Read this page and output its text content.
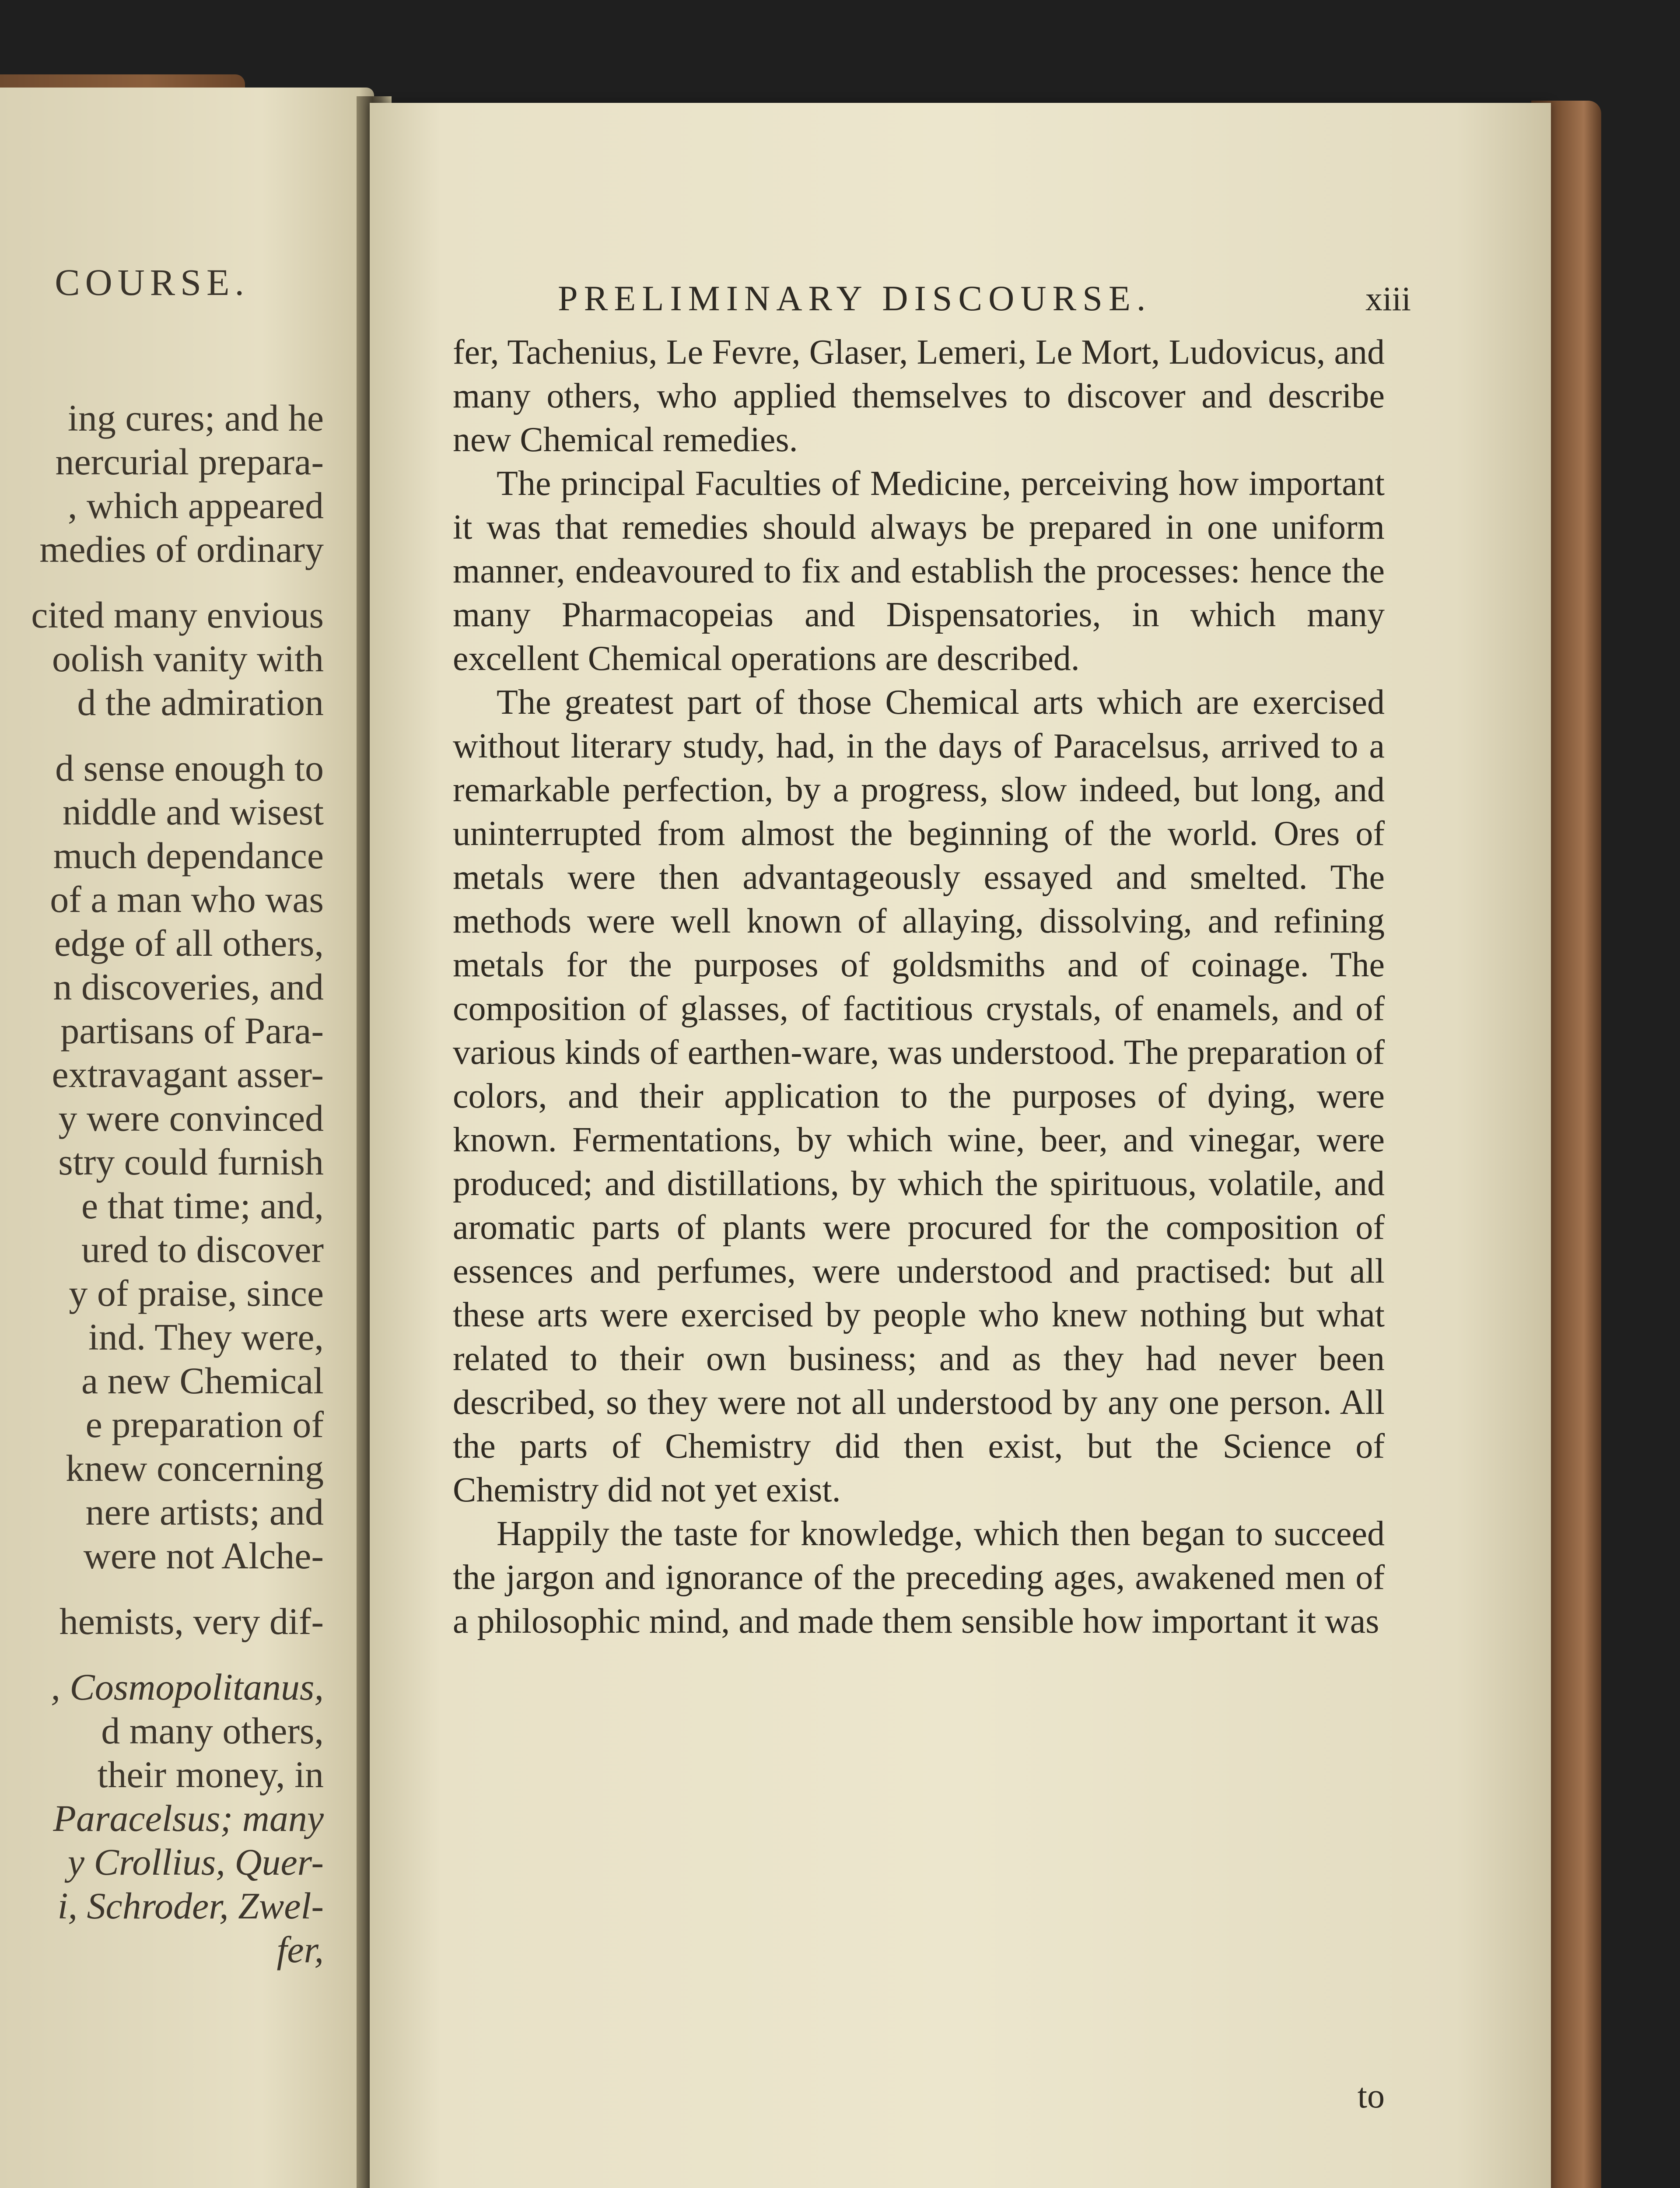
COURSE.
ing cures; and he
nercurial prepara-
, which appeared
medies of ordinary
cited many envious
oolish vanity with
d the admiration
d sense enough to
niddle and wisest
much dependance
of a man who was
edge of all others,
n discoveries, and
partisans of Para-
extravagant asser-
y were convinced
stry could furnish
e that time; and,
ured to discover
y of praise, since
ind. They were,
a new Chemical
e preparation of
knew concerning
nere artists; and
were not Alche-
hemists, very dif-
, Cosmopolitanus,
d many others,
their money, in
Paracelsus; many
y Crollius, Quer-
i, Schroder, Zwel-
fer,
PRELIMINARY DISCOURSE.	xiii

fer, Tachenius, Le Fevre, Glaser, Lemeri, Le Mort, Ludovicus, and many others, who applied themselves to discover and describe new Chemical remedies.

The principal Faculties of Medicine, perceiving how important it was that remedies should always be prepared in one uniform manner, endeavoured to fix and establish the processes: hence the many Pharmacopeias and Dispensatories, in which many excellent Chemical operations are described.

The greatest part of those Chemical arts which are exercised without literary study, had, in the days of Paracelsus, arrived to a remarkable perfection, by a progress, slow indeed, but long, and uninterrupted from almost the beginning of the world. Ores of metals were then advantageously essayed and smelted. The methods were well known of allaying, dissolving, and refining metals for the purposes of goldsmiths and of coinage. The composition of glasses, of factitious crystals, of enamels, and of various kinds of earthen-ware, was understood. The preparation of colors, and their application to the purposes of dying, were known. Fermentations, by which wine, beer, and vinegar, were produced; and distillations, by which the spirituous, volatile, and aromatic parts of plants were procured for the composition of essences and perfumes, were understood and practised: but all these arts were exercised by people who knew nothing but what related to their own business; and as they had never been described, so they were not all understood by any one person. All the parts of Chemistry did then exist, but the Science of Chemistry did not yet exist.

Happily the taste for knowledge, which then began to succeed the jargon and ignorance of the preceding ages, awakened men of a philosophic mind, and made them sensible how important it was

to
